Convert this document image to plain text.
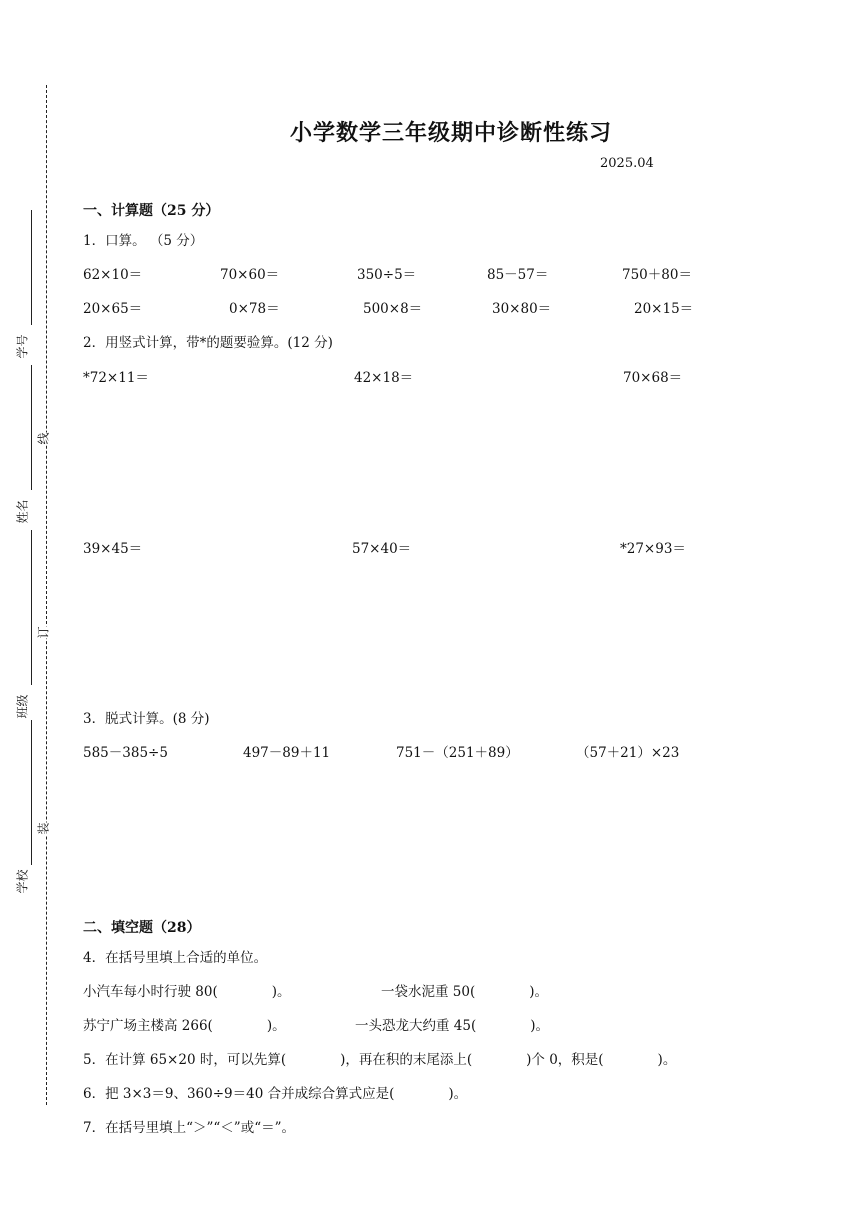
学号
姓名
班级
学校
线
订
装
小学数学三年级期中诊断性练习
2025.04
一、计算题（25 分）
1．口算。 （5 分）
62×10＝	70×60＝	350÷5＝	85－57＝	750＋80＝
20×65＝	0×78＝	500×8＝	30×80＝	20×15＝
2．用竖式计算，带*的题要验算。(12 分)
*72×11＝	42×18＝	70×68＝
39×45＝	57×40＝	*27×93＝
3．脱式计算。(8 分)
585－385÷5	497－89＋11	751－（251＋89）	（57＋21）×23
二、填空题（28）
4．在括号里填上合适的单位。
小汽车每小时行驶 80(　　　　)。	一袋水泥重 50(　　　　)。
苏宁广场主楼高 266(　　　　)。	一头恐龙大约重 45(　　　　)。
5．在计算 65×20 时，可以先算(　　　　)，再在积的末尾添上(　　　　)个 0，积是(　　　　)。
6．把 3×3＝9、360÷9＝40 合并成综合算式应是(　　　　)。
7．在括号里填上“＞”“＜”或“＝”。
